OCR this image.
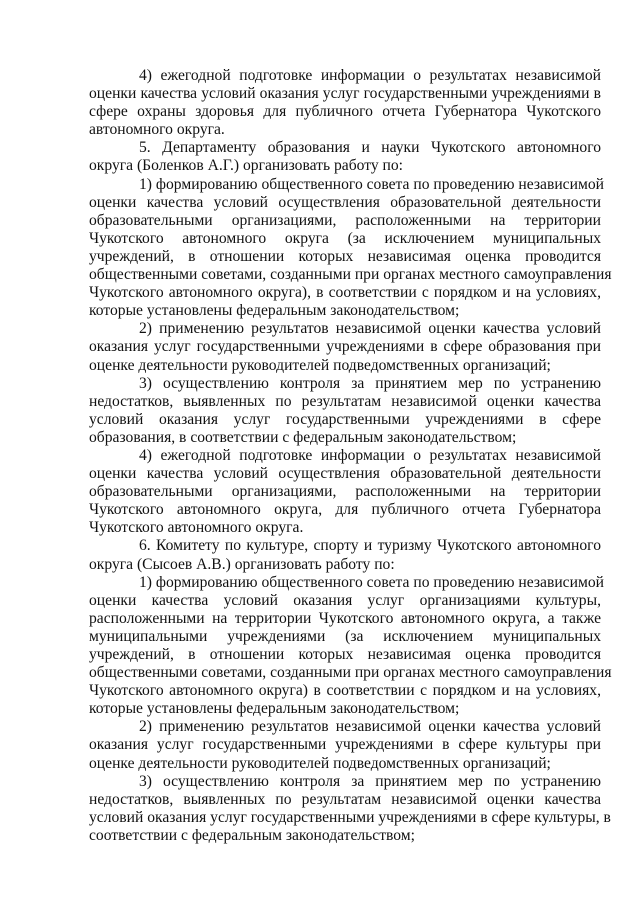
4) ежегодной подготовке информации о результатах независимой
оценки качества условий оказания услуг государственными учреждениями в
сфере охраны здоровья для публичного отчета Губернатора Чукотского
автономного округа.
5. Департаменту образования и науки Чукотского автономного
округа (Боленков А.Г.) организовать работу по:
1) формированию общественного совета по проведению независимой
оценки качества условий осуществления образовательной деятельности
образовательными организациями, расположенными на территории
Чукотского автономного округа (за исключением муниципальных
учреждений, в отношении которых независимая оценка проводится
общественными советами, созданными при органах местного самоуправления
Чукотского автономного округа), в соответствии с порядком и на условиях,
которые установлены федеральным законодательством;
2) применению результатов независимой оценки качества условий
оказания услуг государственными учреждениями в сфере образования при
оценке деятельности руководителей подведомственных организаций;
3) осуществлению контроля за принятием мер по устранению
недостатков, выявленных по результатам независимой оценки качества
условий оказания услуг государственными учреждениями в сфере
образования, в соответствии с федеральным законодательством;
4) ежегодной подготовке информации о результатах независимой
оценки качества условий осуществления образовательной деятельности
образовательными организациями, расположенными на территории
Чукотского автономного округа, для публичного отчета Губернатора
Чукотского автономного округа.
6. Комитету по культуре, спорту и туризму Чукотского автономного
округа (Сысоев А.В.) организовать работу по:
1) формированию общественного совета по проведению независимой
оценки качества условий оказания услуг организациями культуры,
расположенными на территории Чукотского автономного округа, а также
муниципальными учреждениями (за исключением муниципальных
учреждений, в отношении которых независимая оценка проводится
общественными советами, созданными при органах местного самоуправления
Чукотского автономного округа) в соответствии с порядком и на условиях,
которые установлены федеральным законодательством;
2) применению результатов независимой оценки качества условий
оказания услуг государственными учреждениями в сфере культуры при
оценке деятельности руководителей подведомственных организаций;
3) осуществлению контроля за принятием мер по устранению
недостатков, выявленных по результатам независимой оценки качества
условий оказания услуг государственными учреждениями в сфере культуры, в
соответствии с федеральным законодательством;
